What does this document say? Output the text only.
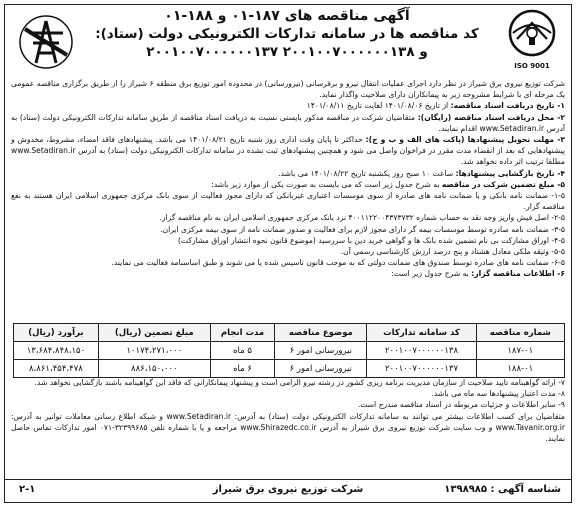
ISO 9001
آگهی مناقصه های ۱۸۷-۰۱ و ۱۸۸-۰۱
کد مناقصه ها در سامانه تدارکات الکترونیکی دولت (ستاد):
۲۰۰۱۰۰۷۰۰۰۰۰۰۱۳۷ و ۲۰۰۱۰۰۷۰۰۰۰۰۰۱۳۸

شرکت توزیع نیروی برق شیراز در نظر دارد اجرای عملیات انتقال نیرو و برقرسانی (نیرورسانی) در محدوده امور توزیع برق منطقه ۶ شیراز را از طریق برگزاری مناقصه عمومی یک مرحله ای با شرایط مشروحه زیر به پیمانکاران دارای صلاحیت واگذار نماید.

۱- تاریخ دریافت اسناد مناقصه: از تاریخ ۱۴۰۱/۰۸/۰۶ لغایت تاریخ ۱۴۰۱/۰۸/۱۱

۲- محل دریافت اسناد مناقصه (رایگان): متقاضیان شرکت در مناقصه مذکور بایستی نسبت به دریافت اسناد مناقصه از طریق سامانه تدارکات الکترونیکی دولت (ستاد) به آدرس www.Setadiran.ir اقدام نمایند.

۳- مهلت تحویل پیشنهادها (پاکت های الف و ب و ج): حداکثر تا پایان وقت اداری روز شنبه تاریخ ۱۴۰۱/۰۸/۲۱ می باشد. پیشنهادهای فاقد امضاء، مشروط، مخدوش و پیشنهادهایی که بعد از انقضاء مدت مقرر در فراخوان واصل می شود و همچنین پیشنهادهای ثبت نشده در سامانه تدارکات الکترونیکی دولت (ستاد) به آدرس www.Setadiran.ir مطلقا ترتیب اثر داده نخواهد شد.

۴- تاریخ بازگشایی پیشنهادها: ساعت ۱۰ صبح روز یکشنبه تاریخ ۱۴۰۱/۰۸/۲۲ می باشد.

۵- مبلغ تضمین شرکت در مناقصه به شرح جدول زیر است که می بایست به صورت یکی از موارد زیر باشد:

۱-۵- ضمانت نامه بانکی و یا ضمانت نامه های صادره از سوی موسسات اعتباری غیربانکی که دارای مجوز فعالیت از سوی بانک مرکزی جمهوری اسلامی ایران هستند به نفع مناقصه گزار.

۲-۵- اصل فیش واریز وجه نقد به حساب شماره ۴۰۰۱۱۲۲۰۰۴۳۷۳۷۳۲ نزد بانک مرکزی جمهوری اسلامی ایران به نام مناقصه گزار.

۳-۵- ضمانت نامه صادره توسط موسسات بیمه گر دارای مجوز لازم برای فعالیت و صدور ضمانت نامه از سوی بیمه مرکزی ایران.

۴-۵- اوراق مشارکت بی نام تضمین شده بانک ها و گواهی خرید دین با سررسید (موضوع قانون نحوه انتشار اوراق مشارکت)

۵-۵- وثیقه ملکی معادل هشتاد و پنج درصد ارزش کارشناسی رسمی آن.

۶-۵- ضمانت نامه های صادره توسط صندوق های ضمانت دولتی که به موجب قانون تاسیس شده یا می شوند و طبق اساسنامه فعالیت می نمایند.

۶- اطلاعات مناقصه گزار: به شرح جدول زیر است:

شماره مناقصه	کد سامانه تدارکات	موضوع مناقصه	مدت انجام	مبلغ تضمین (ریال)	برآورد (ریال)
۱۸۷-۰۱	۲۰۰۱۰۰۷۰۰۰۰۰۰۱۳۸	نیرورسانی امور ۶	۵ ماه	۱۰۱۷۴،۲۷۱،۰۰۰	۱۳،۶۸۴،۸۴۸،۱۵۰
۱۸۸-۰۱	۲۰۰۱۰۰۷۰۰۰۰۰۰۱۳۷	نیرورسانی امور ۶	۶ ماه	۸۸۶،۱۵۰،۰۰۰	۸،۸۶۱،۴۵۴،۴۷۸

۷- ارائه گواهینامه تایید صلاحیت از سازمان مدیریت برنامه ریزی کشور در رشته نیرو الزامی است و پیشنهاد پیمانکارانی که فاقد این گواهینامه باشند بازگشایی نخواهد شد.

۸- مدت اعتبار پیشنهادها سه ماه می باشد.

۹- سایر اطلاعات و جزئیات مربوطه در اسناد مناقصه مندرج است.

متقاضیان برای کسب اطلاعات بیشتر می توانند به سامانه تدارکات الکترونیکی دولت (ستاد) به آدرس: www.Setadiran.ir و شبکه اطلاع رسانی معاملات توانیر به آدرس: www.Tavanir.org.ir و وب سایت شرکت توزیع نیروی برق شیراز به آدرس www.Shirazedc.co.ir مراجعه و یا با شماره تلفن ۳۲۳۹۹۶۸۵-۰۷۱ امور تدارکات تماس حاصل نمایند.

شناسه آگهی : ۱۳۹۸۹۸۵
شرکت توزیع نیروی برق شیراز
۲-۱
